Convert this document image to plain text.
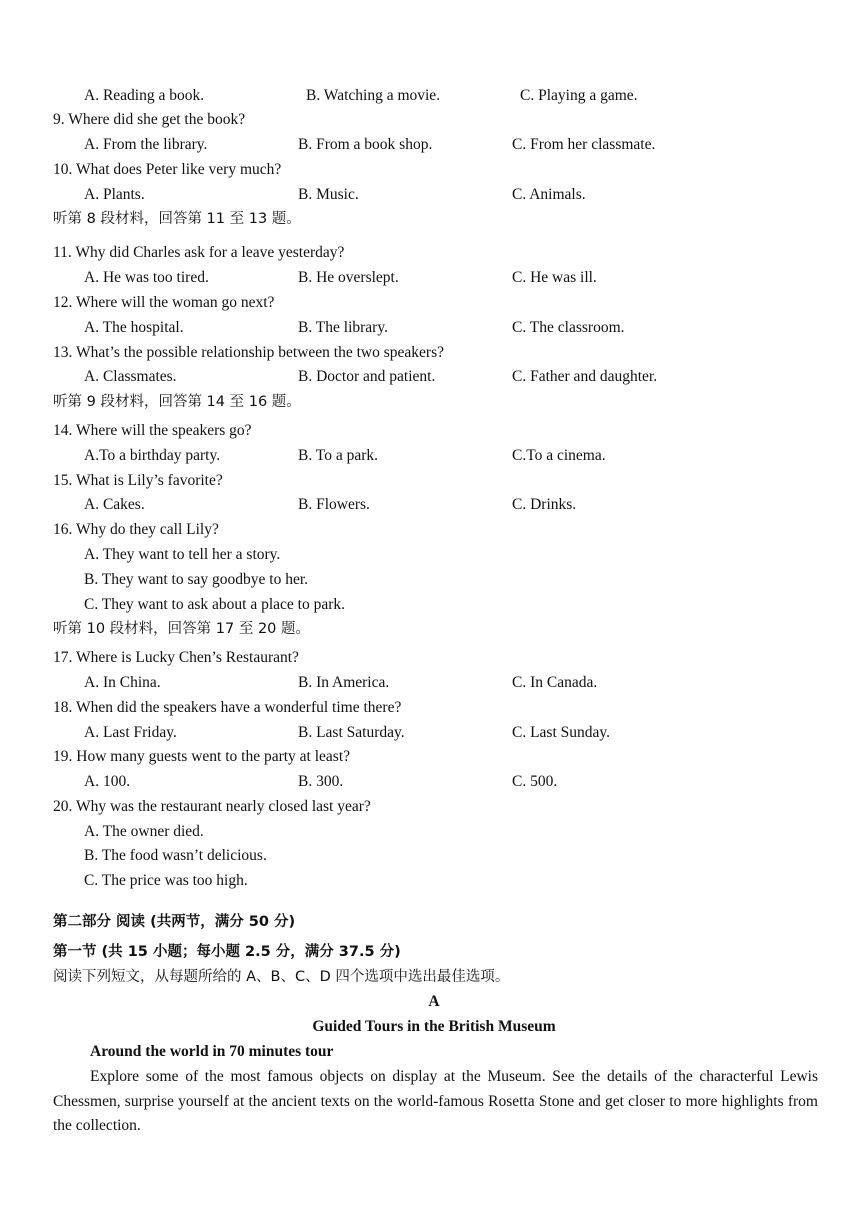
A. Reading a book.	B. Watching a movie.	C. Playing a game.
9. Where did she get the book?
A. From the library.	B. From a book shop.	C. From her classmate.
10. What does Peter like very much?
A. Plants.	B. Music.	C. Animals.
听第 8 段材料，回答第 11 至 13 题。
11. Why did Charles ask for a leave yesterday?
A. He was too tired.	B. He overslept.	C. He was ill.
12. Where will the woman go next?
A. The hospital.	B. The library.	C. The classroom.
13. What’s the possible relationship between the two speakers?
A. Classmates.	B. Doctor and patient.	C. Father and daughter.
听第 9 段材料，回答第 14 至 16 题。
14. Where will the speakers go?
A.To a birthday party.	B. To a park.	C.To a cinema.
15. What is Lily’s favorite?
A. Cakes.	B. Flowers.	C. Drinks.
16. Why do they call Lily?
A. They want to tell her a story.
B. They want to say goodbye to her.
C. They want to ask about a place to park.
听第 10 段材料，回答第 17 至 20 题。
17. Where is Lucky Chen’s Restaurant?
A. In China.	B. In America.	C. In Canada.
18. When did the speakers have a wonderful time there?
A. Last Friday.	B. Last Saturday.	C. Last Sunday.
19. How many guests went to the party at least?
A. 100.	B. 300.	C. 500.
20. Why was the restaurant nearly closed last year?
A. The owner died.
B. The food wasn’t delicious.
C. The price was too high.
第二部分 阅读 (共两节，满分 50 分)
第一节 (共 15 小题；每小题 2.5 分，满分 37.5 分)
阅读下列短文，从每题所给的 A、B、C、D 四个选项中选出最佳选项。
A
Guided Tours in the British Museum
Around the world in 70 minutes tour
Explore some of the most famous objects on display at the Museum. See the details of the characterful Lewis Chessmen, surprise yourself at the ancient texts on the world-famous Rosetta Stone and get closer to more highlights from the collection.
